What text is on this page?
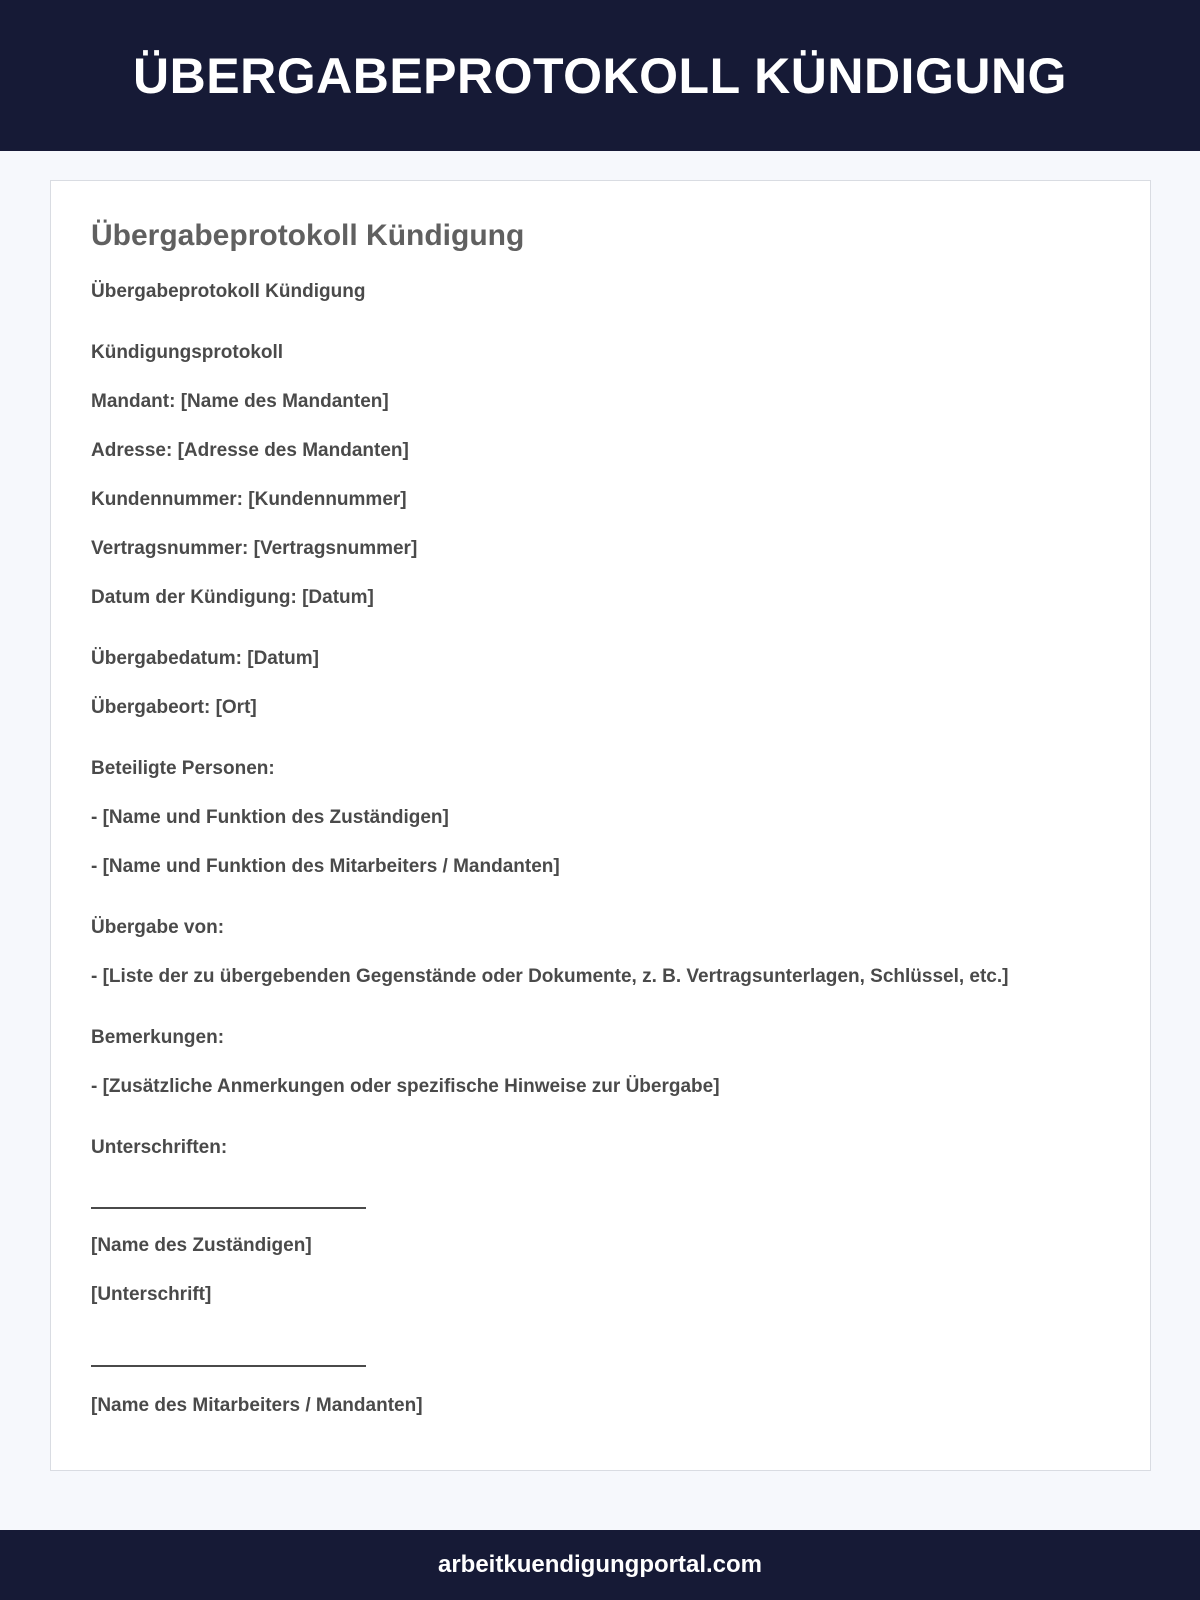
ÜBERGABEPROTOKOLL KÜNDIGUNG
Übergabeprotokoll Kündigung
Übergabeprotokoll Kündigung
Kündigungsprotokoll
Mandant: [Name des Mandanten]
Adresse: [Adresse des Mandanten]
Kundennummer: [Kundennummer]
Vertragsnummer: [Vertragsnummer]
Datum der Kündigung: [Datum]
Übergabedatum: [Datum]
Übergabeort: [Ort]
Beteiligte Personen:
- [Name und Funktion des Zuständigen]
- [Name und Funktion des Mitarbeiters / Mandanten]
Übergabe von:
- [Liste der zu übergebenden Gegenstände oder Dokumente, z. B. Vertragsunterlagen, Schlüssel, etc.]
Bemerkungen:
- [Zusätzliche Anmerkungen oder spezifische Hinweise zur Übergabe]
Unterschriften:
[Name des Zuständigen]
[Unterschrift]
[Name des Mitarbeiters / Mandanten]
arbeitkuendigungportal.com
